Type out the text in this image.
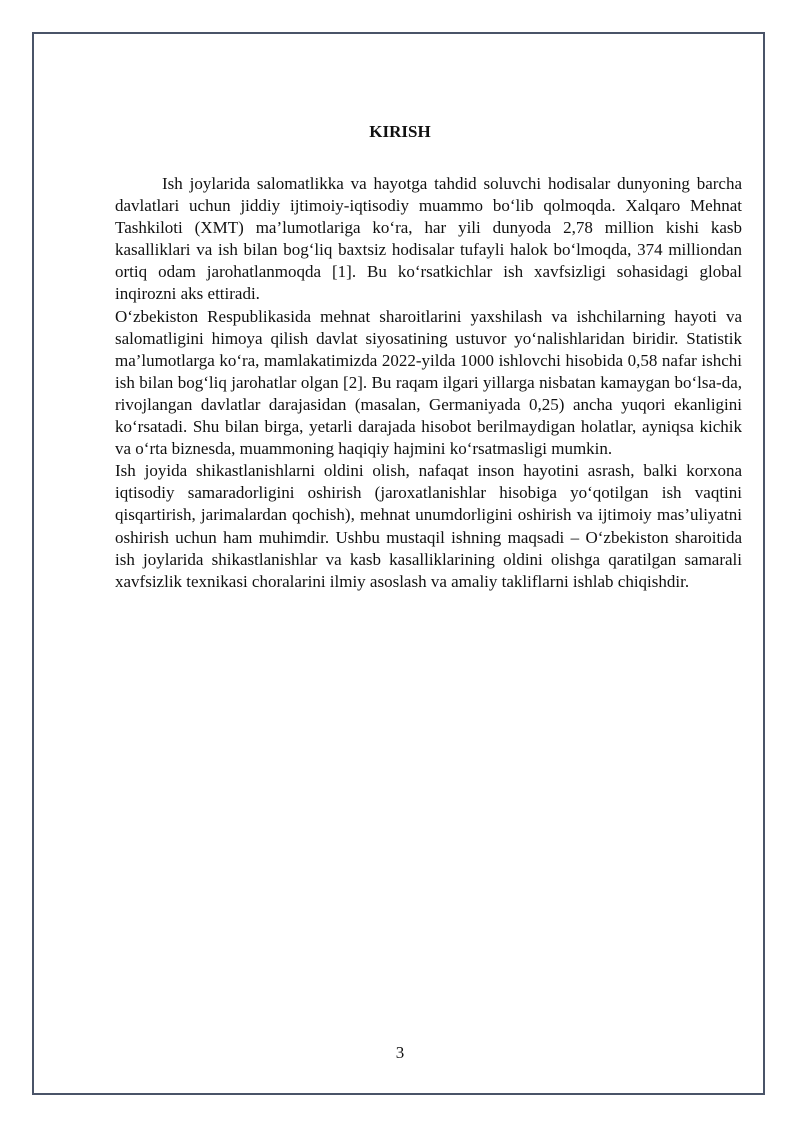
KIRISH

Ish joylarida salomatlikka va hayotga tahdid soluvchi hodisalar dunyoning barcha davlatlari uchun jiddiy ijtimoiy-iqtisodiy muammo bo‘lib qolmoqda. Xalqaro Mehnat Tashkiloti (XMT) ma’lumotlariga ko‘ra, har yili dunyoda 2,78 million kishi kasb kasalliklari va ish bilan bog‘liq baxtsiz hodisalar tufayli halok bo‘lmoqda, 374 milliondan ortiq odam jarohatlanmoqda [1]. Bu ko‘rsatkichlar ish xavfsizligi sohasidagi global inqirozni aks ettiradi.

O‘zbekiston Respublikasida mehnat sharoitlarini yaxshilash va ishchilarning hayoti va salomatligini himoya qilish davlat siyosatining ustuvor yo‘nalishlaridan biridir. Statistik ma’lumotlarga ko‘ra, mamlakatimizda 2022-yilda 1000 ishlovchi hisobida 0,58 nafar ishchi ish bilan bog‘liq jarohatlar olgan [2]. Bu raqam ilgari yillarga nisbatan kamaygan bo‘lsa-da, rivojlangan davlatlar darajasidan (masalan, Germaniyada 0,25) ancha yuqori ekanligini ko‘rsatadi. Shu bilan birga, yetarli darajada hisobot berilmaydigan holatlar, ayniqsa kichik va o‘rta biznesda, muammoning haqiqiy hajmini ko‘rsatmasligi mumkin.

Ish joyida shikastlanishlarni oldini olish, nafaqat inson hayotini asrash, balki korxona iqtisodiy samaradorligini oshirish (jaroxatlanishlar hisobiga yo‘qotilgan ish vaqtini qisqartirish, jarimalardan qochish), mehnat unumdorligini oshirish va ijtimoiy mas’uliyatni oshirish uchun ham muhimdir. Ushbu mustaqil ishning maqsadi – O‘zbekiston sharoitida ish joylarida shikastlanishlar va kasb kasalliklarining oldini olishga qaratilgan samarali xavfsizlik texnikasi choralarini ilmiy asoslash va amaliy takliflarni ishlab chiqishdir.

3
